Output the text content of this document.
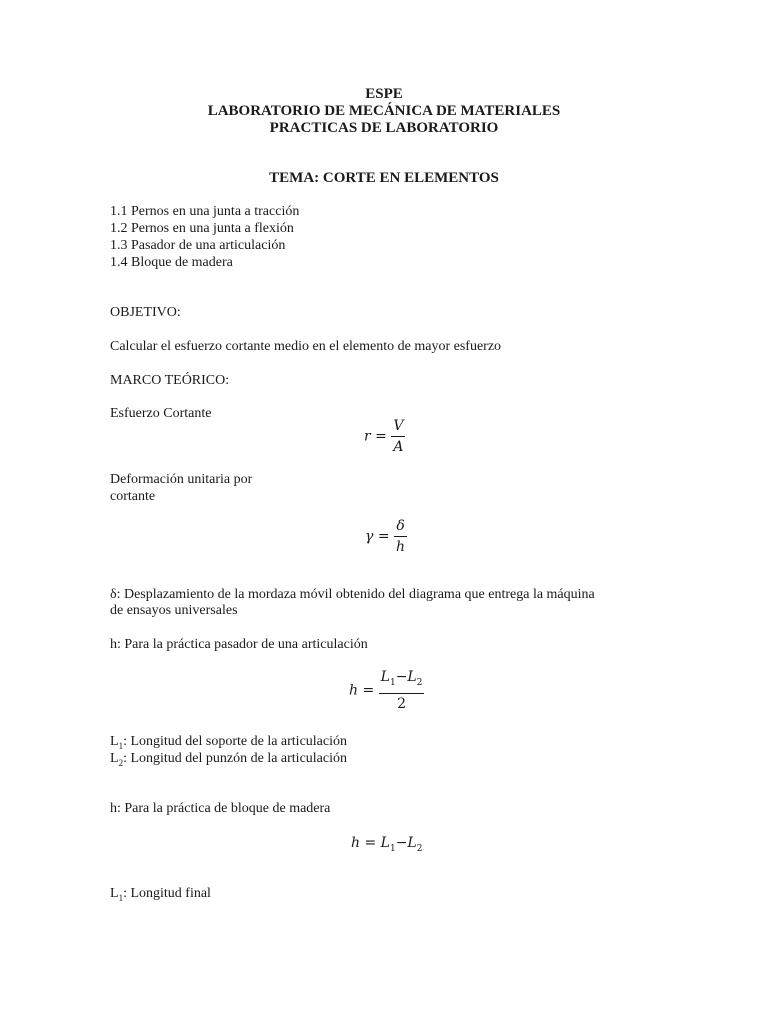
ESPE
LABORATORIO DE MECÁNICA DE MATERIALES
PRACTICAS DE LABORATORIO
TEMA: CORTE EN ELEMENTOS
1.1 Pernos en una junta a tracción
1.2 Pernos en una junta a flexión
1.3 Pasador de una articulación
1.4 Bloque de madera
OBJETIVO:
Calcular el esfuerzo cortante medio en el elemento de mayor esfuerzo
MARCO TEÓRICO:
Esfuerzo Cortante
$r = \frac{V}{A}$
Deformación unitaria por
cortante
$\gamma = \frac{\delta}{h}$
δ: Desplazamiento de la mordaza móvil obtenido del diagrama que entrega la máquina
de ensayos universales
h: Para la práctica pasador de una articulación
$h = \frac{L_1-L_2}{2}$
$L_1$: Longitud del soporte de la articulación
$L_2$: Longitud del punzón de la articulación
h: Para la práctica de bloque de madera
$h = L_1-L_2$
$L_1$: Longitud final
